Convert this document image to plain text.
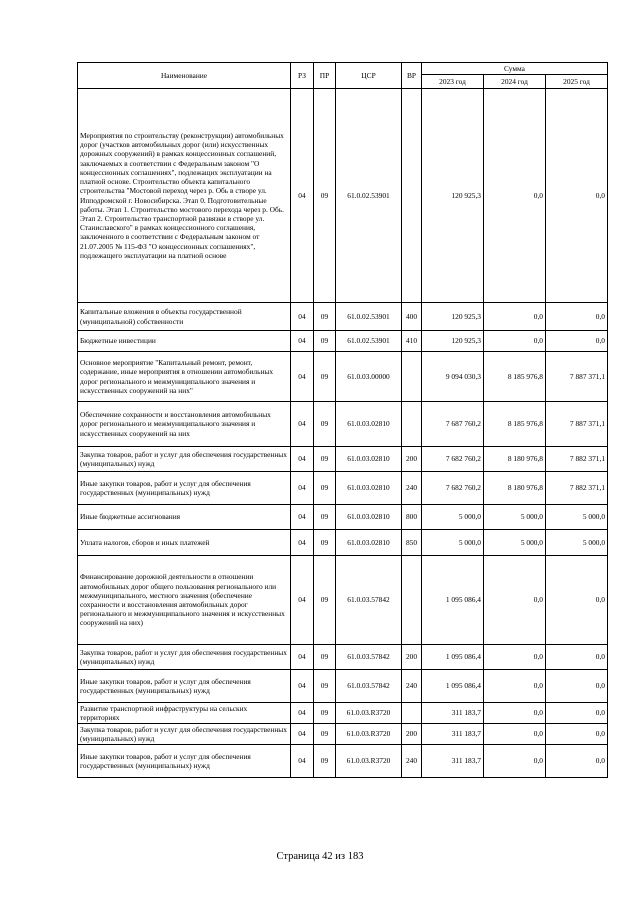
Наименование	РЗ	ПР	ЦСР	ВР	Сумма		
					2023 год	2024 год	2025 год
Мероприятия по строительству (реконструкции) автомобильных дорог (участков автомобильных дорог (или) искусственных дорожных сооружений) в рамках концессионных соглашений, заключаемых в соответствии с Федеральным законом "О концессионных соглашениях", подлежащих эксплуатации на платной основе. Строительство объекта капитального строительства "Мостовой переход через р. Обь в створе ул. Ипподромской г. Новосибирска. Этап 0. Подготовительные работы. Этап 1. Строительство мостового перехода через р. Обь. Этап 2. Строительство транспортной развязки в створе ул. Станиславского" в рамках концессионного соглашения, заключенного в соответствии с Федеральным законом от 21.07.2005 № 115-ФЗ "О концессионных соглашениях", подлежащего эксплуатации на платной основе	04	09	61.0.02.53901		120 925,3	0,0	0,0
Капитальные вложения в объекты государственной (муниципальной) собственности	04	09	61.0.02.53901	400	120 925,3	0,0	0,0
Бюджетные инвестиции	04	09	61.0.02.53901	410	120 925,3	0,0	0,0
Основное мероприятие "Капитальный ремонт, ремонт, содержание, иные мероприятия в отношении автомобильных дорог регионального и межмуниципального значения и искусственных сооружений на них"	04	09	61.0.03.00000		9 094 030,3	8 185 976,8	7 887 371,1
Обеспечение сохранности и восстановления автомобильных дорог регионального и межмуниципального значения и искусственных сооружений на них	04	09	61.0.03.02810		7 687 760,2	8 185 976,8	7 887 371,1
Закупка товаров, работ и услуг для обеспечения государственных (муниципальных) нужд	04	09	61.0.03.02810	200	7 682 760,2	8 180 976,8	7 882 371,1
Иные закупки товаров, работ и услуг для обеспечения государственных (муниципальных) нужд	04	09	61.0.03.02810	240	7 682 760,2	8 180 976,8	7 882 371,1
Иные бюджетные ассигнования	04	09	61.0.03.02810	800	5 000,0	5 000,0	5 000,0
Уплата налогов, сборов и иных платежей	04	09	61.0.03.02810	850	5 000,0	5 000,0	5 000,0
Финансирование дорожной деятельности в отношении автомобильных дорог общего пользования регионального или межмуниципального, местного значения (обеспечение сохранности и восстановления автомобильных дорог регионального и межмуниципального значения и искусственных сооружений на них)	04	09	61.0.03.57842		1 095 086,4	0,0	0,0
Закупка товаров, работ и услуг для обеспечения государственных (муниципальных) нужд	04	09	61.0.03.57842	200	1 095 086,4	0,0	0,0
Иные закупки товаров, работ и услуг для обеспечения государственных (муниципальных) нужд	04	09	61.0.03.57842	240	1 095 086,4	0,0	0,0
Развитие транспортной инфраструктуры на сельских территориях	04	09	61.0.03.R3720		311 183,7	0,0	0,0
Закупка товаров, работ и услуг для обеспечения государственных (муниципальных) нужд	04	09	61.0.03.R3720	200	311 183,7	0,0	0,0
Иные закупки товаров, работ и услуг для обеспечения государственных (муниципальных) нужд	04	09	61.0.03.R3720	240	311 183,7	0,0	0,0
Страница 42 из 183
